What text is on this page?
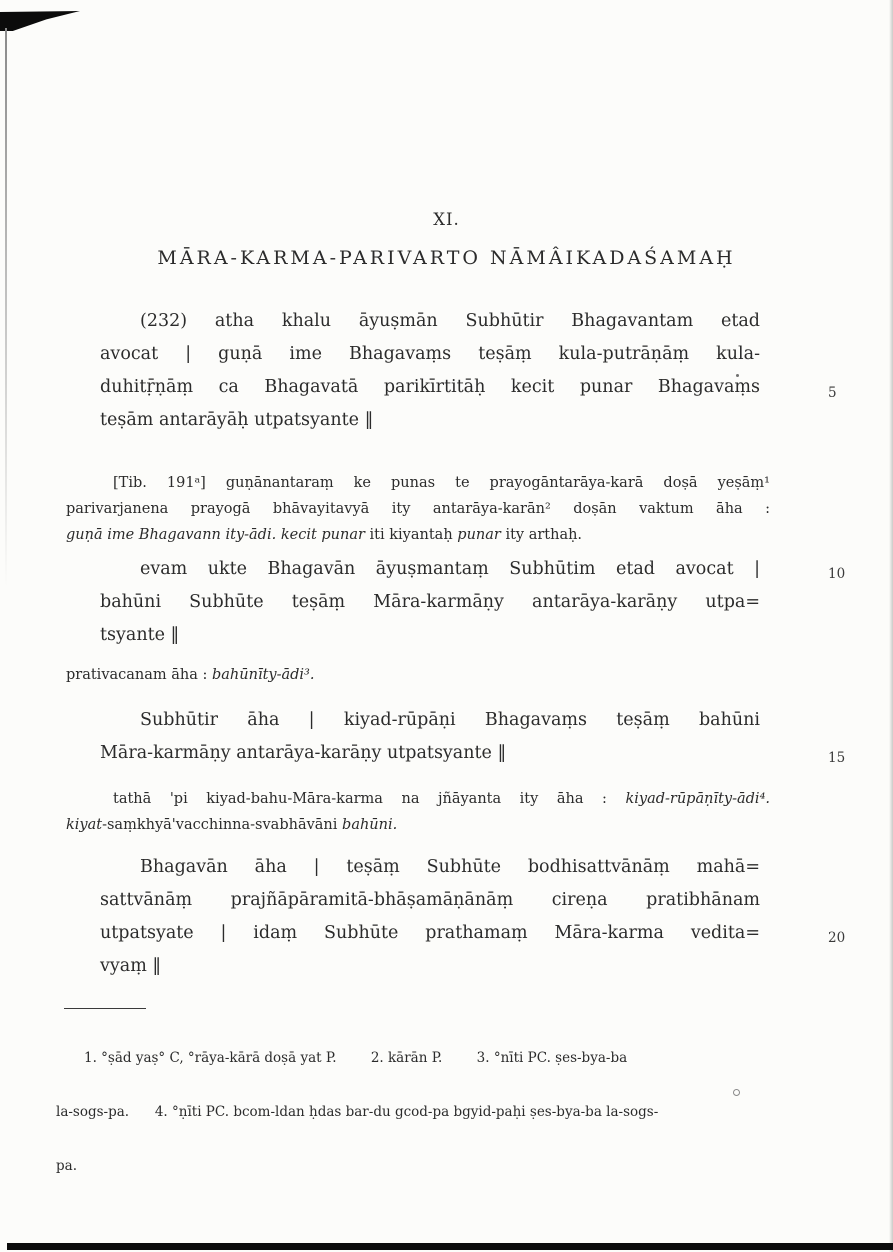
XI.
MĀRA-KARMA-PARIVARTO NĀMÂIKADAŚAMAḤ
5
10
15
20
(232) atha khalu āyuṣmān Subhūtir Bhagavantam etad
avocat | guṇā ime Bhagavaṃs teṣāṃ kula-putrāṇāṃ kula-
duhitṝṇāṃ ca Bhagavatā parikīrtitāḥ kecit punar Bhagavaṃs
teṣām antarāyāḥ utpatsyante ‖
[Tib. 191ᵃ] guṇānantaraṃ ke punas te prayogāntarāya-karā doṣā yeṣāṃ¹
parivarjanena prayogā bhāvayitavyā ity antarāya-karān² doṣān vaktum āha :
guṇā ime Bhagavann ity-ādi. kecit punar iti kiyantaḥ punar ity arthaḥ.
evam ukte Bhagavān āyuṣmantaṃ Subhūtim etad avocat |
bahūni Subhūte teṣāṃ Māra-karmāṇy antarāya-karāṇy utpa=
tsyante ‖
prativacanam āha : bahūnīty-ādi³.
Subhūtir āha | kiyad-rūpāṇi Bhagavaṃs teṣāṃ bahūni
Māra-karmāṇy antarāya-karāṇy utpatsyante ‖
tathā 'pi kiyad-bahu-Māra-karma na jñāyanta ity āha : kiyad-rūpāṇīty-ādi⁴.
kiyat-saṃkhyā'vacchinna-svabhāvāni bahūni.
Bhagavān āha | teṣāṃ Subhūte bodhisattvānāṃ mahā=
sattvānāṃ prajñāpāramitā-bhāṣamāṇānāṃ cireṇa pratibhānam
utpatsyate | idaṃ Subhūte prathamaṃ Māra-karma vedita=
vyaṃ ‖

1. °ṣād yaṣ° C, °rāya-kārā doṣā yat P.        2. kārān P.        3. °nīti PC. ṣes-bya-ba

la-sogs-pa.      4. °ṇīti PC. bcom-ldan ḥdas bar-du gcod-pa bgyid-paḥi ṣes-bya-ba la-sogs-

pa.
